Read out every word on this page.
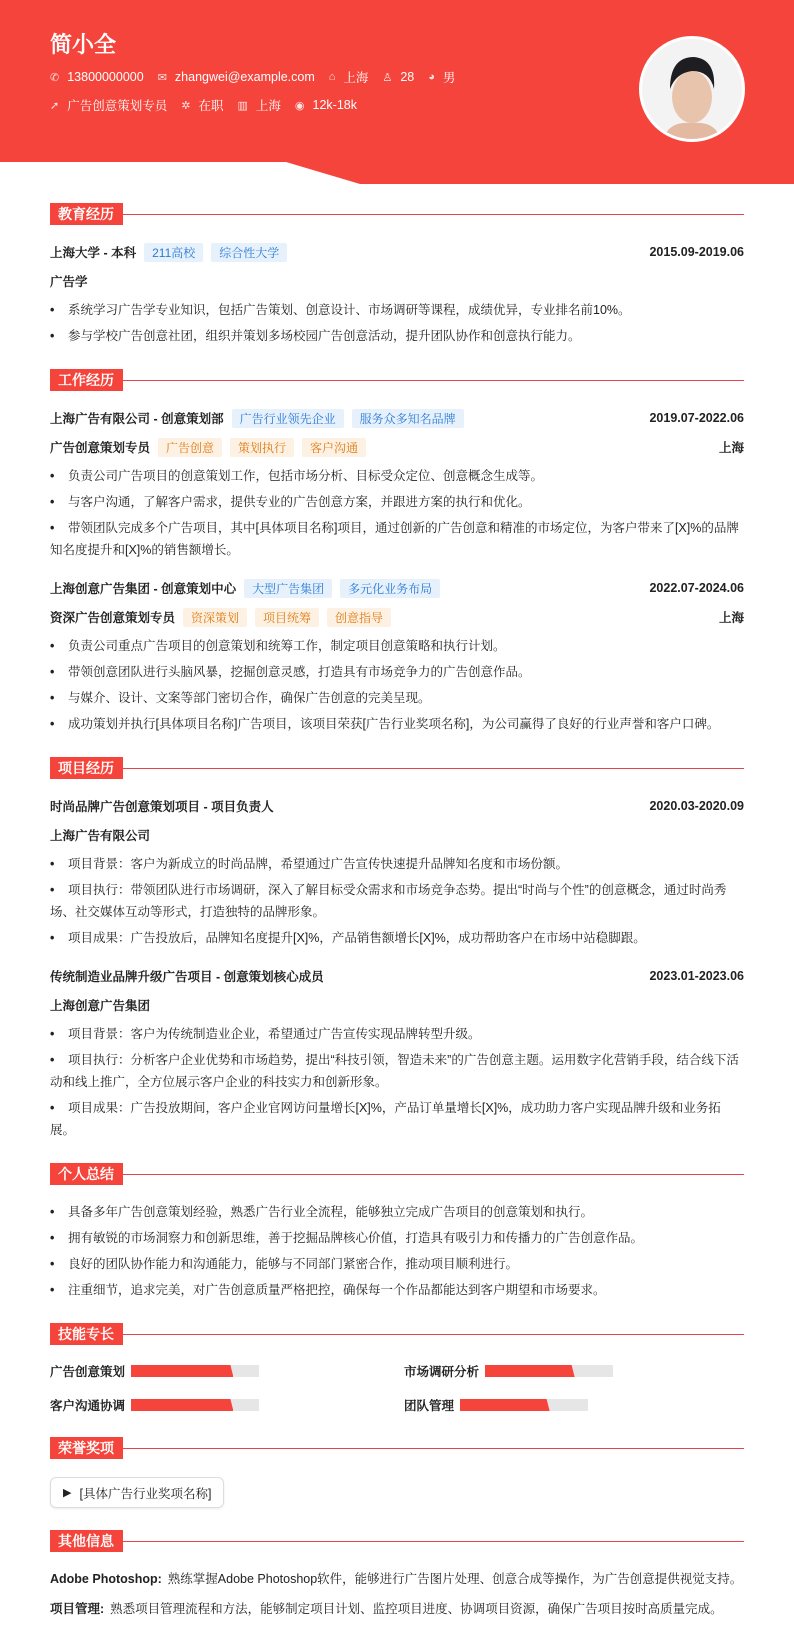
简小全
✆ 13800000000 ✉ zhangwei@example.com ⌂ 上海 ♙ 28 ◕ 男
➚ 广告创意策划专员 ✲ 在职 ▥ 上海 ◉ 12k-18k
教育经历
上海大学 - 本科	211高校	综合性大学	2015.09-2019.06
广告学
• 系统学习广告学专业知识，包括广告策划、创意设计、市场调研等课程，成绩优异，专业排名前10%。
• 参与学校广告创意社团，组织并策划多场校园广告创意活动，提升团队协作和创意执行能力。
工作经历
上海广告有限公司 - 创意策划部	广告行业领先企业	服务众多知名品牌	2019.07-2022.06
广告创意策划专员	广告创意	策划执行	客户沟通	上海
• 负责公司广告项目的创意策划工作，包括市场分析、目标受众定位、创意概念生成等。
• 与客户沟通，了解客户需求，提供专业的广告创意方案，并跟进方案的执行和优化。
• 带领团队完成多个广告项目，其中[具体项目名称]项目，通过创新的广告创意和精准的市场定位，为客户带来了[X]%的品牌知名度提升和[X]%的销售额增长。
上海创意广告集团 - 创意策划中心	大型广告集团	多元化业务布局	2022.07-2024.06
资深广告创意策划专员	资深策划	项目统筹	创意指导	上海
• 负责公司重点广告项目的创意策划和统筹工作，制定项目创意策略和执行计划。
• 带领创意团队进行头脑风暴，挖掘创意灵感，打造具有市场竞争力的广告创意作品。
• 与媒介、设计、文案等部门密切合作，确保广告创意的完美呈现。
• 成功策划并执行[具体项目名称]广告项目，该项目荣获[广告行业奖项名称]，为公司赢得了良好的行业声誉和客户口碑。
项目经历
时尚品牌广告创意策划项目 - 项目负责人	2020.03-2020.09
上海广告有限公司
• 项目背景：客户为新成立的时尚品牌，希望通过广告宣传快速提升品牌知名度和市场份额。
• 项目执行：带领团队进行市场调研，深入了解目标受众需求和市场竞争态势。提出“时尚与个性”的创意概念，通过时尚秀场、社交媒体互动等形式，打造独特的品牌形象。
• 项目成果：广告投放后，品牌知名度提升[X]%，产品销售额增长[X]%，成功帮助客户在市场中站稳脚跟。
传统制造业品牌升级广告项目 - 创意策划核心成员	2023.01-2023.06
上海创意广告集团
• 项目背景：客户为传统制造业企业，希望通过广告宣传实现品牌转型升级。
• 项目执行：分析客户企业优势和市场趋势，提出“科技引领，智造未来”的广告创意主题。运用数字化营销手段，结合线下活动和线上推广，全方位展示客户企业的科技实力和创新形象。
• 项目成果：广告投放期间，客户企业官网访问量增长[X]%，产品订单量增长[X]%，成功助力客户实现品牌升级和业务拓展。
个人总结
• 具备多年广告创意策划经验，熟悉广告行业全流程，能够独立完成广告项目的创意策划和执行。
• 拥有敏锐的市场洞察力和创新思维，善于挖掘品牌核心价值，打造具有吸引力和传播力的广告创意作品。
• 良好的团队协作能力和沟通能力，能够与不同部门紧密合作，推动项目顺利进行。
• 注重细节，追求完美，对广告创意质量严格把控，确保每一个作品都能达到客户期望和市场要求。
技能专长
广告创意策划	市场调研分析
客户沟通协调	团队管理
荣誉奖项
▶ [具体广告行业奖项名称]
其他信息
Adobe Photoshop: 熟练掌握Adobe Photoshop软件，能够进行广告图片处理、创意合成等操作，为广告创意提供视觉支持。
项目管理: 熟悉项目管理流程和方法，能够制定项目计划、监控项目进度、协调项目资源，确保广告项目按时高质量完成。
